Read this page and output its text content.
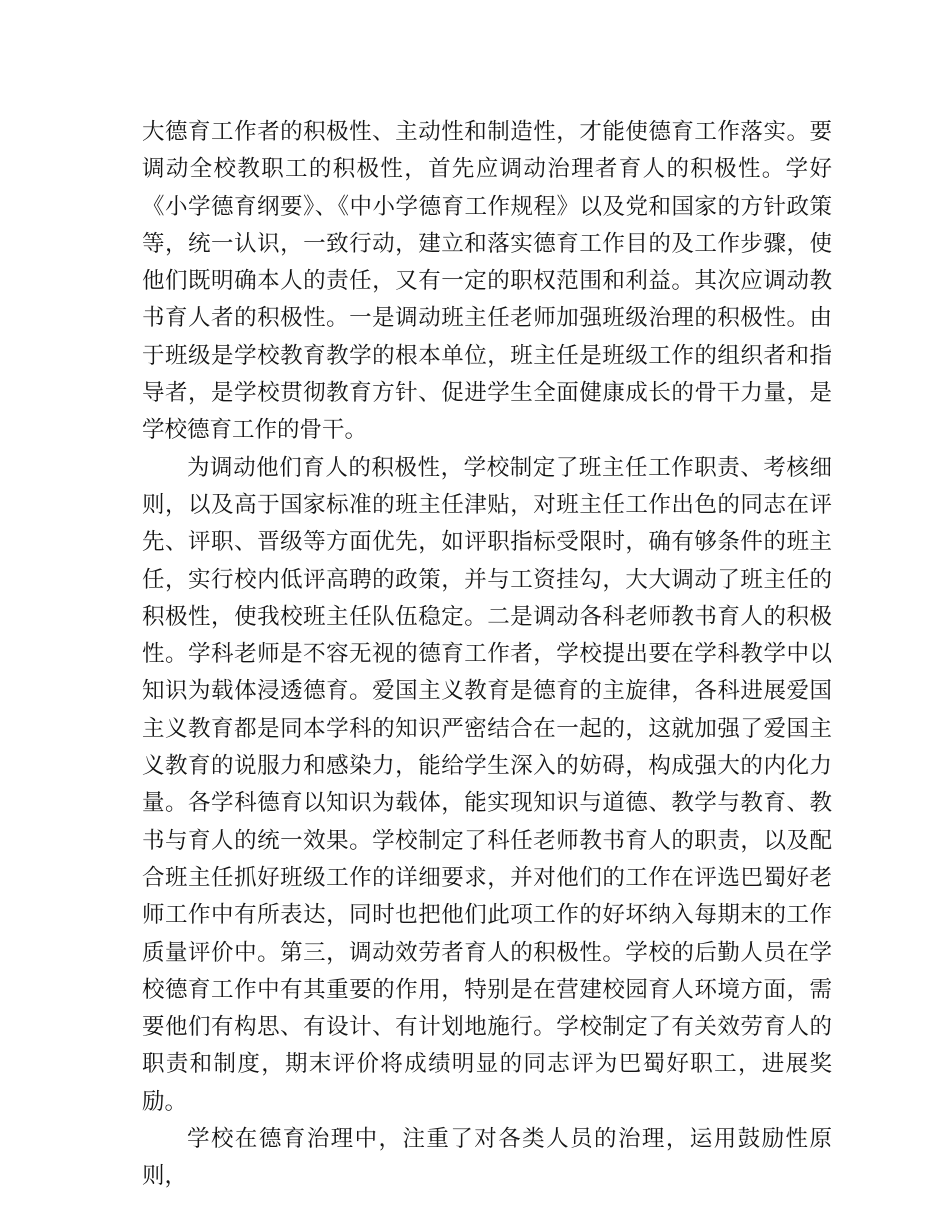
大德育工作者的积极性、主动性和制造性，才能使德育工作落实。要调动全校教职工的积极性，首先应调动治理者育人的积极性。学好《小学德育纲要》、《中小学德育工作规程》以及党和国家的方针政策等，统一认识，一致行动，建立和落实德育工作目的及工作步骤，使他们既明确本人的责任，又有一定的职权范围和利益。其次应调动教书育人者的积极性。一是调动班主任老师加强班级治理的积极性。由于班级是学校教育教学的根本单位，班主任是班级工作的组织者和指导者，是学校贯彻教育方针、促进学生全面健康成长的骨干力量，是学校德育工作的骨干。

为调动他们育人的积极性，学校制定了班主任工作职责、考核细则，以及高于国家标准的班主任津贴，对班主任工作出色的同志在评先、评职、晋级等方面优先，如评职指标受限时，确有够条件的班主任，实行校内低评高聘的政策，并与工资挂勾，大大调动了班主任的积极性，使我校班主任队伍稳定。二是调动各科老师教书育人的积极性。学科老师是不容无视的德育工作者，学校提出要在学科教学中以知识为载体浸透德育。爱国主义教育是德育的主旋律，各科进展爱国主义教育都是同本学科的知识严密结合在一起的，这就加强了爱国主义教育的说服力和感染力，能给学生深入的妨碍，构成强大的内化力量。各学科德育以知识为载体，能实现知识与道德、教学与教育、教书与育人的统一效果。学校制定了科任老师教书育人的职责，以及配合班主任抓好班级工作的详细要求，并对他们的工作在评选巴蜀好老师工作中有所表达，同时也把他们此项工作的好坏纳入每期末的工作质量评价中。第三，调动效劳者育人的积极性。学校的后勤人员在学校德育工作中有其重要的作用，特别是在营建校园育人环境方面，需要他们有构思、有设计、有计划地施行。学校制定了有关效劳育人的职责和制度，期末评价将成绩明显的同志评为巴蜀好职工，进展奖励。

学校在德育治理中，注重了对各类人员的治理，运用鼓励性原则，
